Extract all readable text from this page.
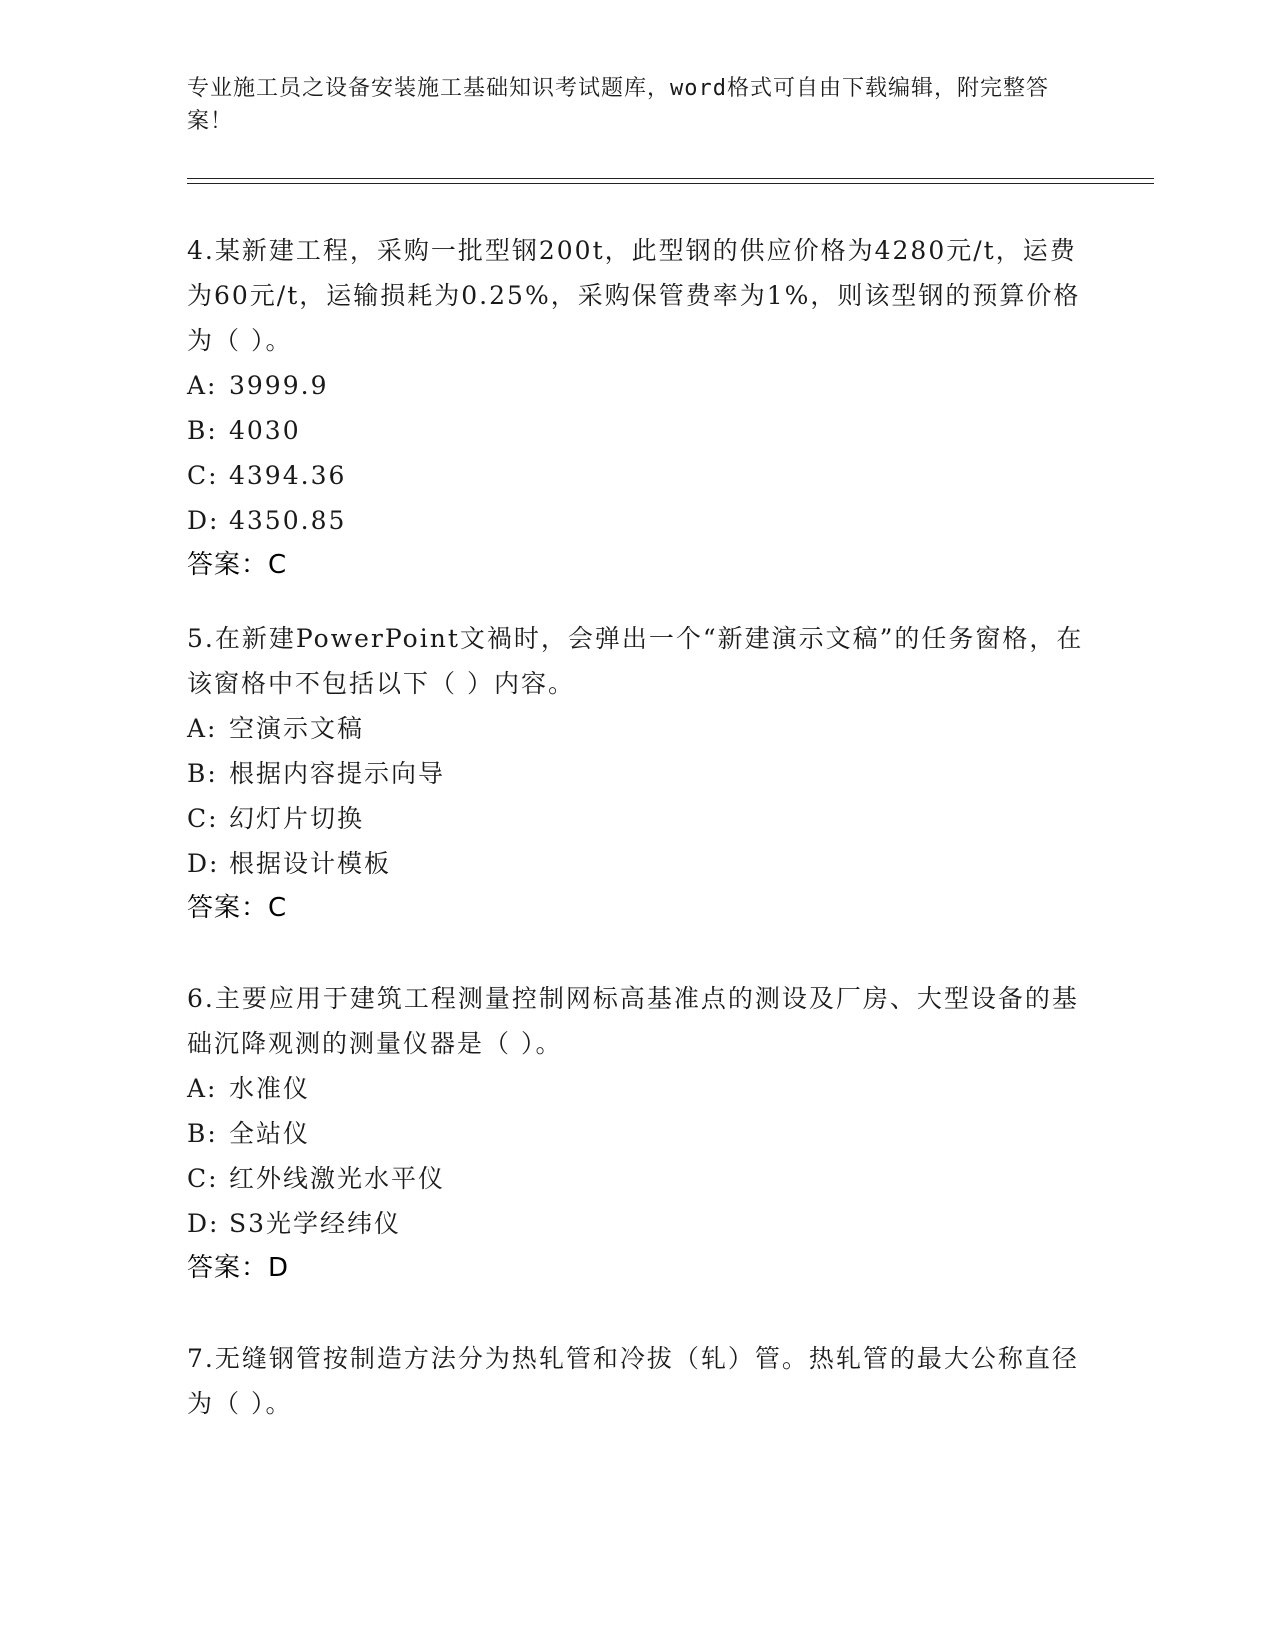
专业施工员之设备安装施工基础知识考试题库，word格式可自由下载编辑，附完整答案！

4.某新建工程，采购一批型钢200t，此型钢的供应价格为4280元/t，运费为60元/t，运输损耗为0.25%，采购保管费率为1%，则该型钢的预算价格为（ ）。

A: 3999.9

B: 4030

C: 4394.36

D: 4350.85

答案：C

5.在新建PowerPoint文禍时，会弹出一个“新建演示文稿”的任务窗格，在该窗格中不包括以下（ ）内容。

A: 空演示文稿

B: 根据内容提示向导

C: 幻灯片切换

D: 根据设计模板

答案：C

6.主要应用于建筑工程测量控制网标高基准点的测设及厂房、大型设备的基础沉降观测的测量仪器是（ ）。

A: 水准仪

B: 全站仪

C: 红外线激光水平仪

D: S3光学经纬仪

答案：D

7.无缝钢管按制造方法分为热轧管和冷拔（轧）管。热轧管的最大公称直径为（ ）。
